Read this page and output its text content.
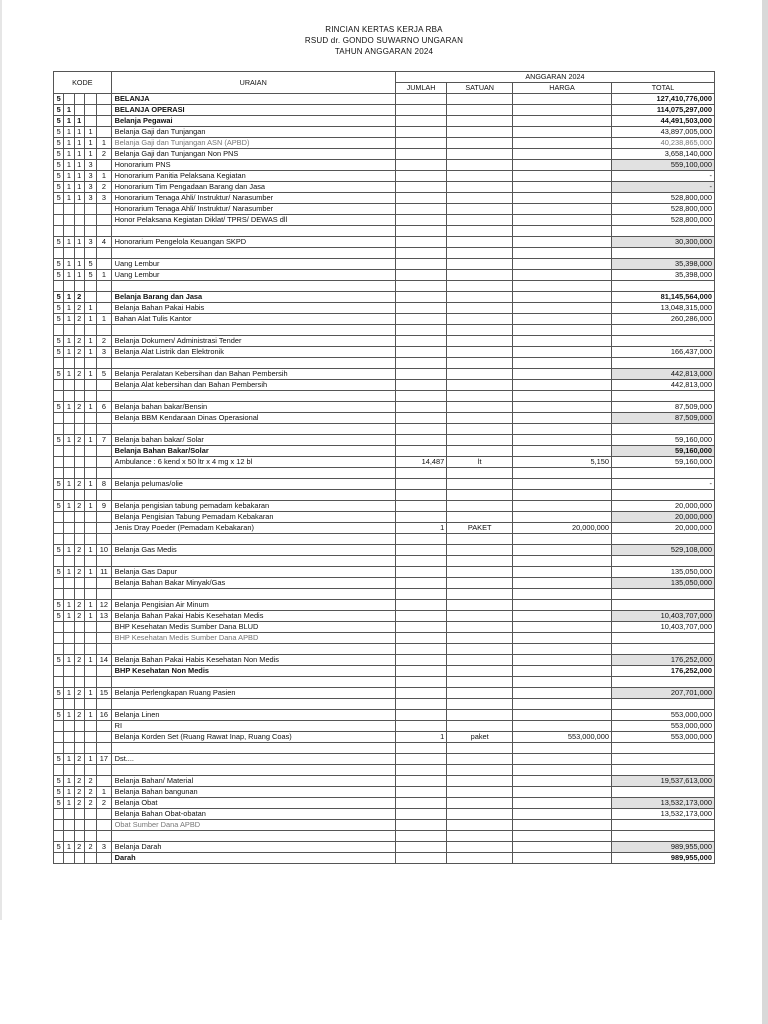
RINCIAN KERTAS KERJA RBA
RSUD dr. GONDO SUWARNO UNGARAN
TAHUN ANGGARAN 2024
KODE					URAIAN	ANGGARAN 2024			
						JUMLAH	SATUAN	HARGA	TOTAL
5					BELANJA				127,410,776,000
5	1				BELANJA OPERASI				114,075,297,000
5	1	1			Belanja Pegawai				44,491,503,000
5	1	1	1		Belanja Gaji dan Tunjangan				43,897,005,000
5	1	1	1	1	Belanja Gaji dan Tunjangan ASN (APBD)				40,238,865,000
5	1	1	1	2	Belanja Gaji dan Tunjangan Non PNS				3,658,140,000
5	1	1	3		Honorarium PNS				559,100,000
5	1	1	3	1	Honorarium Panitia Pelaksana Kegiatan				-
5	1	1	3	2	Honorarium Tim Pengadaan Barang dan Jasa				-
5	1	1	3	3	Honorarium Tenaga Ahli/ Instruktur/ Narasumber				528,800,000
					Honorarium Tenaga Ahli/ Instruktur/ Narasumber				528,800,000
					Honor Pelaksana Kegiatan Diklat/ TPRS/ DEWAS dll				528,800,000

5	1	1	3	4	Honorarium Pengelola Keuangan SKPD				30,300,000

5	1	1	5		Uang Lembur				35,398,000
5	1	1	5	1	Uang Lembur				35,398,000

5	1	2			Belanja Barang dan Jasa				81,145,564,000
5	1	2	1		Belanja Bahan Pakai Habis				13,048,315,000
5	1	2	1	1	Bahan Alat Tulis Kantor				260,286,000

5	1	2	1	2	Belanja Dokumen/ Administrasi Tender				-
5	1	2	1	3	Belanja Alat Listrik dan Elektronik				166,437,000

5	1	2	1	5	Belanja Peralatan Kebersihan dan Bahan Pembersih				442,813,000
					Belanja Alat kebersihan dan Bahan Pembersih				442,813,000

5	1	2	1	6	Belanja bahan bakar/Bensin				87,509,000
					Belanja BBM Kendaraan Dinas Operasional				87,509,000

5	1	2	1	7	Belanja bahan bakar/ Solar				59,160,000
					Belanja Bahan Bakar/Solar				59,160,000
					Ambulance : 6 kend x 50 ltr x 4 mg x 12 bl	14,487	lt	5,150	59,160,000

5	1	2	1	8	Belanja pelumas/olie				-

5	1	2	1	9	Belanja pengisian tabung pemadam kebakaran				20,000,000
					Belanja Pengisian Tabung Pemadam Kebakaran				20,000,000
					Jenis Dray Poeder (Pemadam Kebakaran)	1	PAKET	20,000,000	20,000,000

5	1	2	1	10	Belanja Gas Medis				529,108,000

5	1	2	1	11	Belanja Gas Dapur				135,050,000
					Belanja Bahan Bakar Minyak/Gas				135,050,000

5	1	2	1	12	Belanja Pengisian Air Minum				
5	1	2	1	13	Belanja Bahan Pakai Habis Kesehatan Medis				10,403,707,000
					BHP Kesehatan Medis Sumber Dana BLUD				10,403,707,000
					BHP Kesehatan Medis Sumber Dana APBD				

5	1	2	1	14	Belanja Bahan Pakai Habis Kesehatan Non Medis				176,252,000
					BHP Kesehatan Non Medis				176,252,000

5	1	2	1	15	Belanja Perlengkapan Ruang Pasien				207,701,000

5	1	2	1	16	Belanja Linen				553,000,000
					RI				553,000,000
					Belanja Korden Set (Ruang Rawat Inap, Ruang Coas)	1	paket	553,000,000	553,000,000

5	1	2	1	17	Dst....				

5	1	2	2		Belanja Bahan/ Material				19,537,613,000
5	1	2	2	1	Belanja Bahan bangunan				
5	1	2	2	2	Belanja Obat				13,532,173,000
					Belanja Bahan Obat-obatan				13,532,173,000
					Obat Sumber Dana APBD				

5	1	2	2	3	Belanja Darah				989,955,000
					Darah				989,955,000
